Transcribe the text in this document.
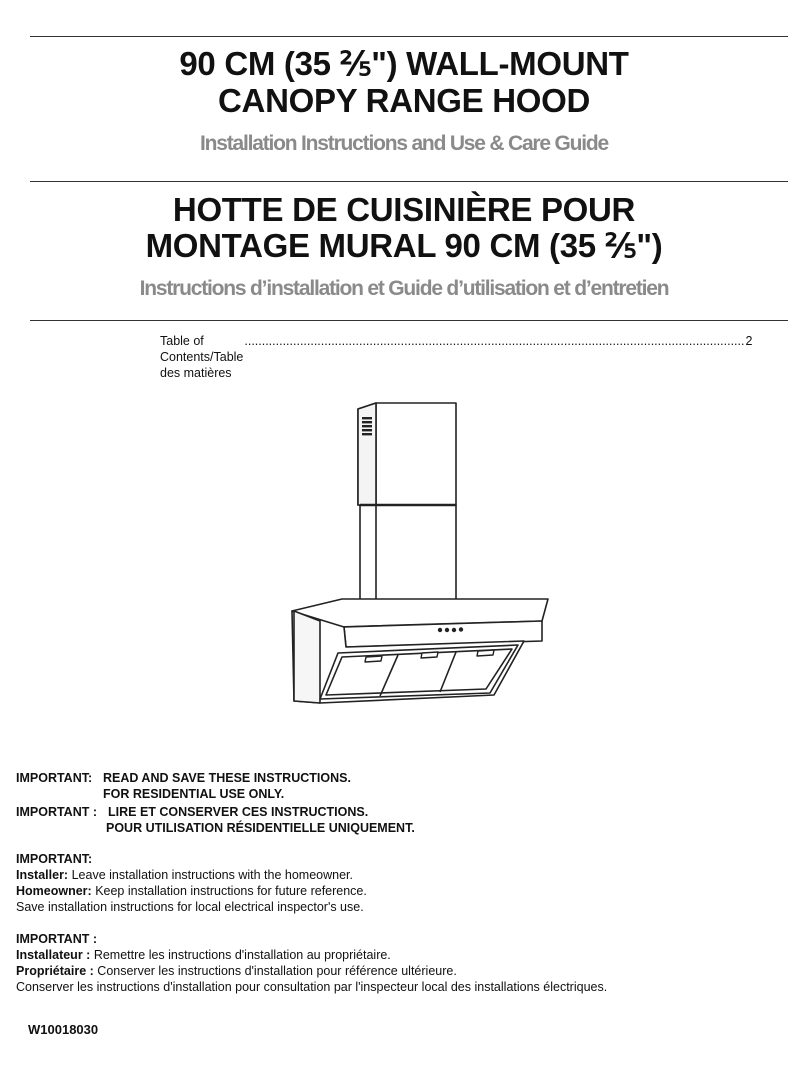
90 CM (35 ⅖") WALL-MOUNT
CANOPY RANGE HOOD
Installation Instructions and Use & Care Guide
HOTTE DE CUISINIÈRE POUR
MONTAGE MURAL 90 CM (35 ⅖")
Instructions d’installation et Guide d’utilisation et d’entretien
Table of Contents/Table des matières
................................................................................................................................................ 2
IMPORTANT: READ AND SAVE THESE INSTRUCTIONS.
FOR RESIDENTIAL USE ONLY.
IMPORTANT : LIRE ET CONSERVER CES INSTRUCTIONS.
POUR UTILISATION RÉSIDENTIELLE UNIQUEMENT.
IMPORTANT:
Installer: Leave installation instructions with the homeowner.
Homeowner: Keep installation instructions for future reference.
Save installation instructions for local electrical inspector's use.
IMPORTANT :
Installateur : Remettre les instructions d'installation au propriétaire.
Propriétaire : Conserver les instructions d'installation pour référence ultérieure.
Conserver les instructions d'installation pour consultation par l'inspecteur local des installations électriques.
W10018030
